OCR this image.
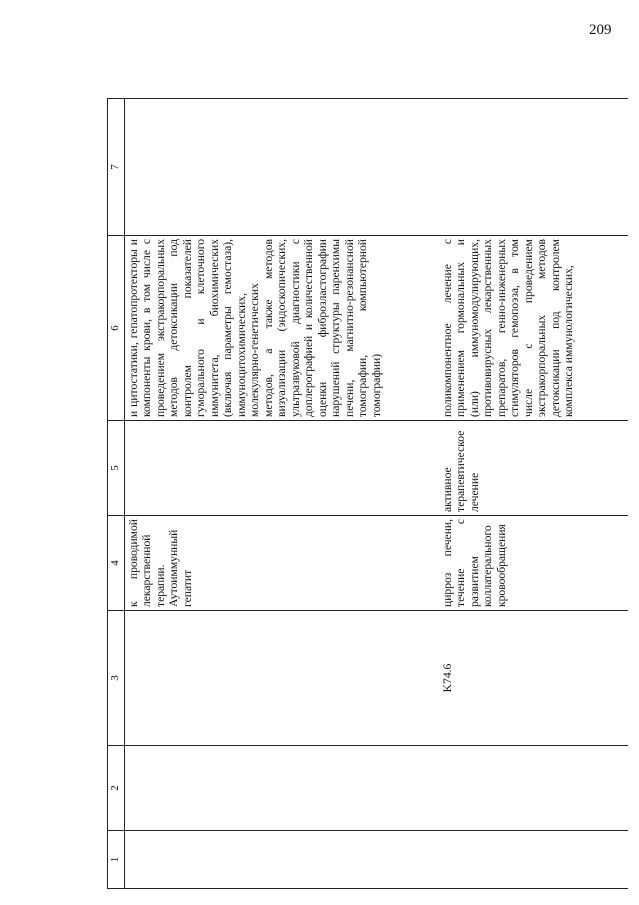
209
1	2	3	4	5	6	7
			к проводимой лекарственной терапии. Аутоиммунный гепатит		и цитостатики, гепатопротекторы и компоненты крови, в том числе с проведением экстракорпоральных методов детоксикации под контролем показателей гуморального и клеточного иммунитета, биохимических (включая параметры гемостаза), иммуноцитохимических, молекулярно-генетических методов, а также методов визуализации (эндоскопических, ультразвуковой диагностики с доплерографией и количественной оценки фиброзластографии нарушений структуры паренхимы печени, магнитно-резонансной томографии, компьютерной томографии)	
		K74.6	цирроз печени, течение с развитием коллатерального кровообращения	активное терапевтическое лечение	поликомпонентное лечение с применением гормональных и (или) иммуномодулирующих, противовирусных лекарственных препаратов, генно-инженерных стимуляторов гемопоэза, в том числе с проведением экстракорпоральных методов детоксикации под контролем комплекса иммунологических,	
